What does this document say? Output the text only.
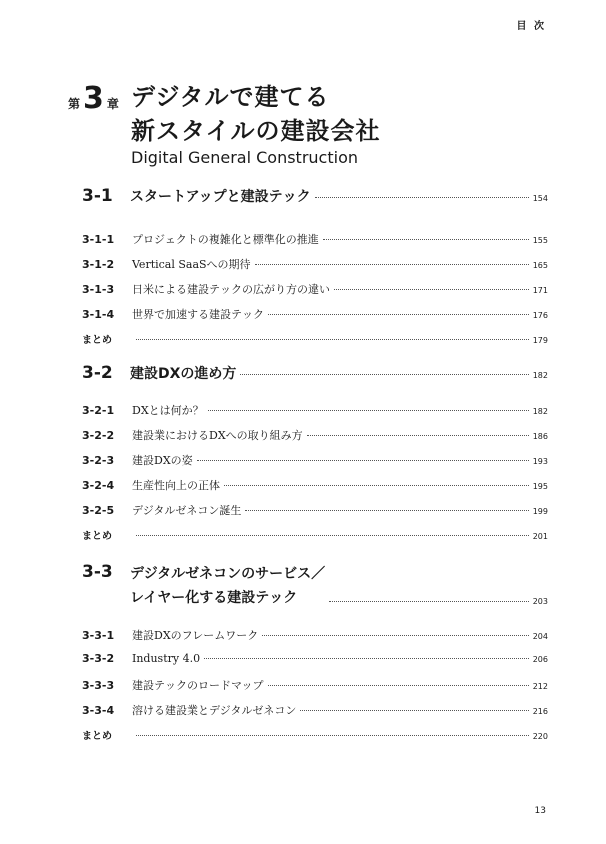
目 次
第 3 章 デジタルで建てる
新スタイルの建設会社
Digital General Construction
3-1	スタートアップと建設テック	154
3-1-1	プロジェクトの複雑化と標準化の推進	155
3-1-2	Vertical SaaSへの期待	165
3-1-3	日米による建設テックの広がり方の違い	171
3-1-4	世界で加速する建設テック	176
まとめ	179
3-2	建設DXの進め方	182
3-2-1	DXとは何か？	182
3-2-2	建設業におけるDXへの取り組み方	186
3-2-3	建設DXの姿	193
3-2-4	生産性向上の正体	195
3-2-5	デジタルゼネコン誕生	199
まとめ	201
3-3	デジタルゼネコンのサービス／
レイヤー化する建設テック	203
3-3-1	建設DXのフレームワーク	204
3-3-2	Industry 4.0	206
3-3-3	建設テックのロードマップ	212
3-3-4	溶ける建設業とデジタルゼネコン	216
まとめ	220
13
